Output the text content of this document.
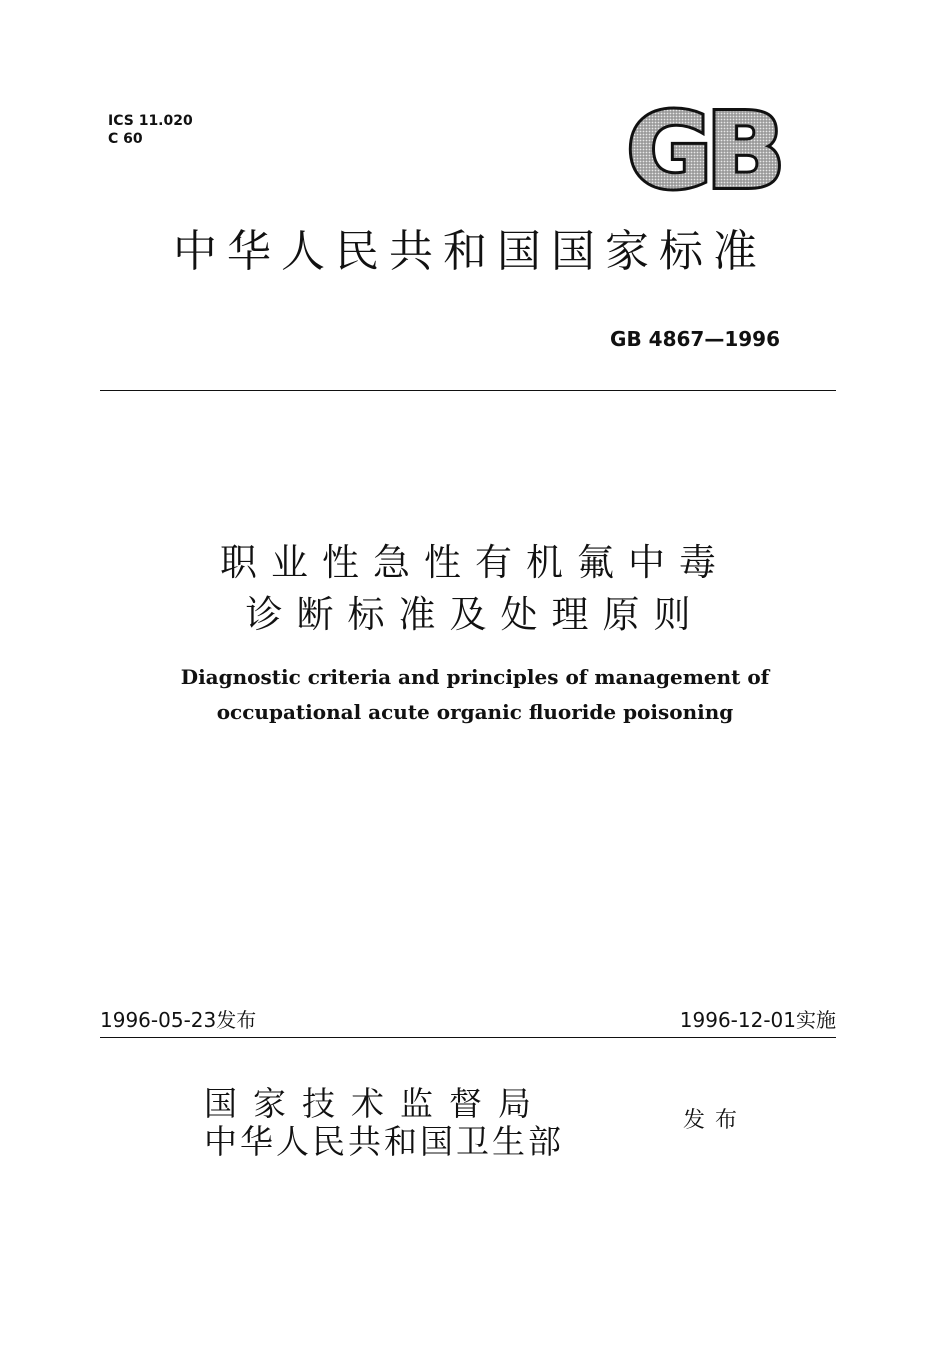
ICS 11.020
C 60	GB
中华人民共和国国家标准
GB 4867—1996
职业性急性有机氟中毒
诊断标准及处理原则
Diagnostic criteria and principles of management of
occupational acute organic fluoride poisoning
1996-05-23发布	1996-12-01实施
国家技术监督局
中华人民共和国卫生部
发布
